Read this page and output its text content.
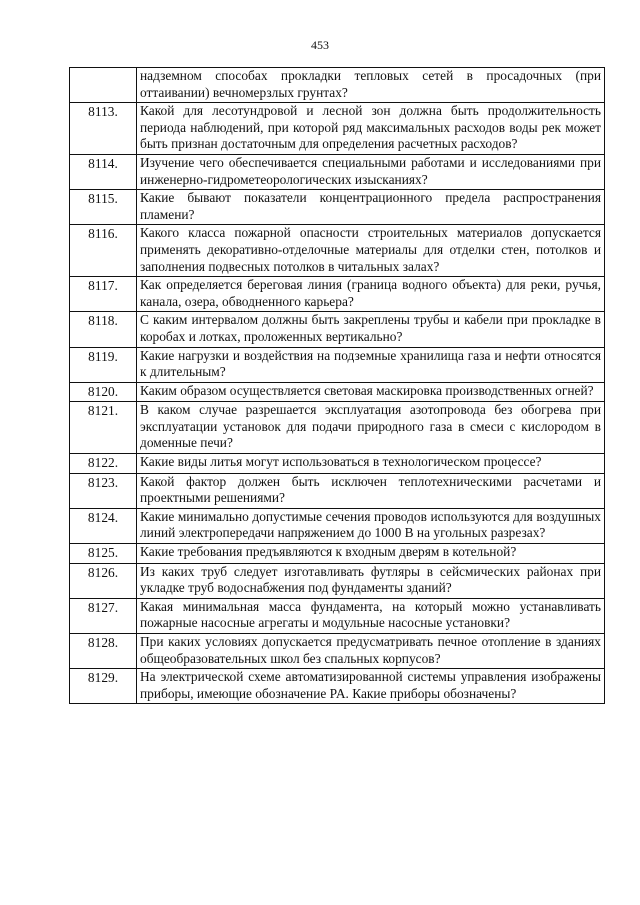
453
	надземном способах прокладки тепловых сетей в просадочных (при оттаивании) вечномерзлых грунтах?
8113.	Какой для лесотундровой и лесной зон должна быть продолжительность периода наблюдений, при которой ряд максимальных расходов воды рек может быть признан достаточным для определения расчетных расходов?
8114.	Изучение чего обеспечивается специальными работами и исследованиями при инженерно-гидрометеорологических изысканиях?
8115.	Какие бывают показатели концентрационного предела распространения пламени?
8116.	Какого класса пожарной опасности строительных материалов допускается применять декоративно-отделочные материалы для отделки стен, потолков и заполнения подвесных потолков в читальных залах?
8117.	Как определяется береговая линия (граница водного объекта) для реки, ручья, канала, озера, обводненного карьера?
8118.	С каким интервалом должны быть закреплены трубы и кабели при прокладке в коробах и лотках, проложенных вертикально?
8119.	Какие нагрузки и воздействия на подземные хранилища газа и нефти относятся к длительным?
8120.	Каким образом осуществляется световая маскировка производственных огней?
8121.	В каком случае разрешается эксплуатация азотопровода без обогрева при эксплуатации установок для подачи природного газа в смеси с кислородом в доменные печи?
8122.	Какие виды литья могут использоваться в технологическом процессе?
8123.	Какой фактор должен быть исключен теплотехническими расчетами и проектными решениями?
8124.	Какие минимально допустимые сечения проводов используются для воздушных линий электропередачи напряжением до 1000 В на угольных разрезах?
8125.	Какие требования предъявляются к входным дверям в котельной?
8126.	Из каких труб следует изготавливать футляры в сейсмических районах при укладке труб водоснабжения под фундаменты зданий?
8127.	Какая минимальная масса фундамента, на который можно устанавливать пожарные насосные агрегаты и модульные насосные установки?
8128.	При каких условиях допускается предусматривать печное отопление в зданиях общеобразовательных школ без спальных корпусов?
8129.	На электрической схеме автоматизированной системы управления изображены приборы, имеющие обозначение PA. Какие приборы обозначены?
